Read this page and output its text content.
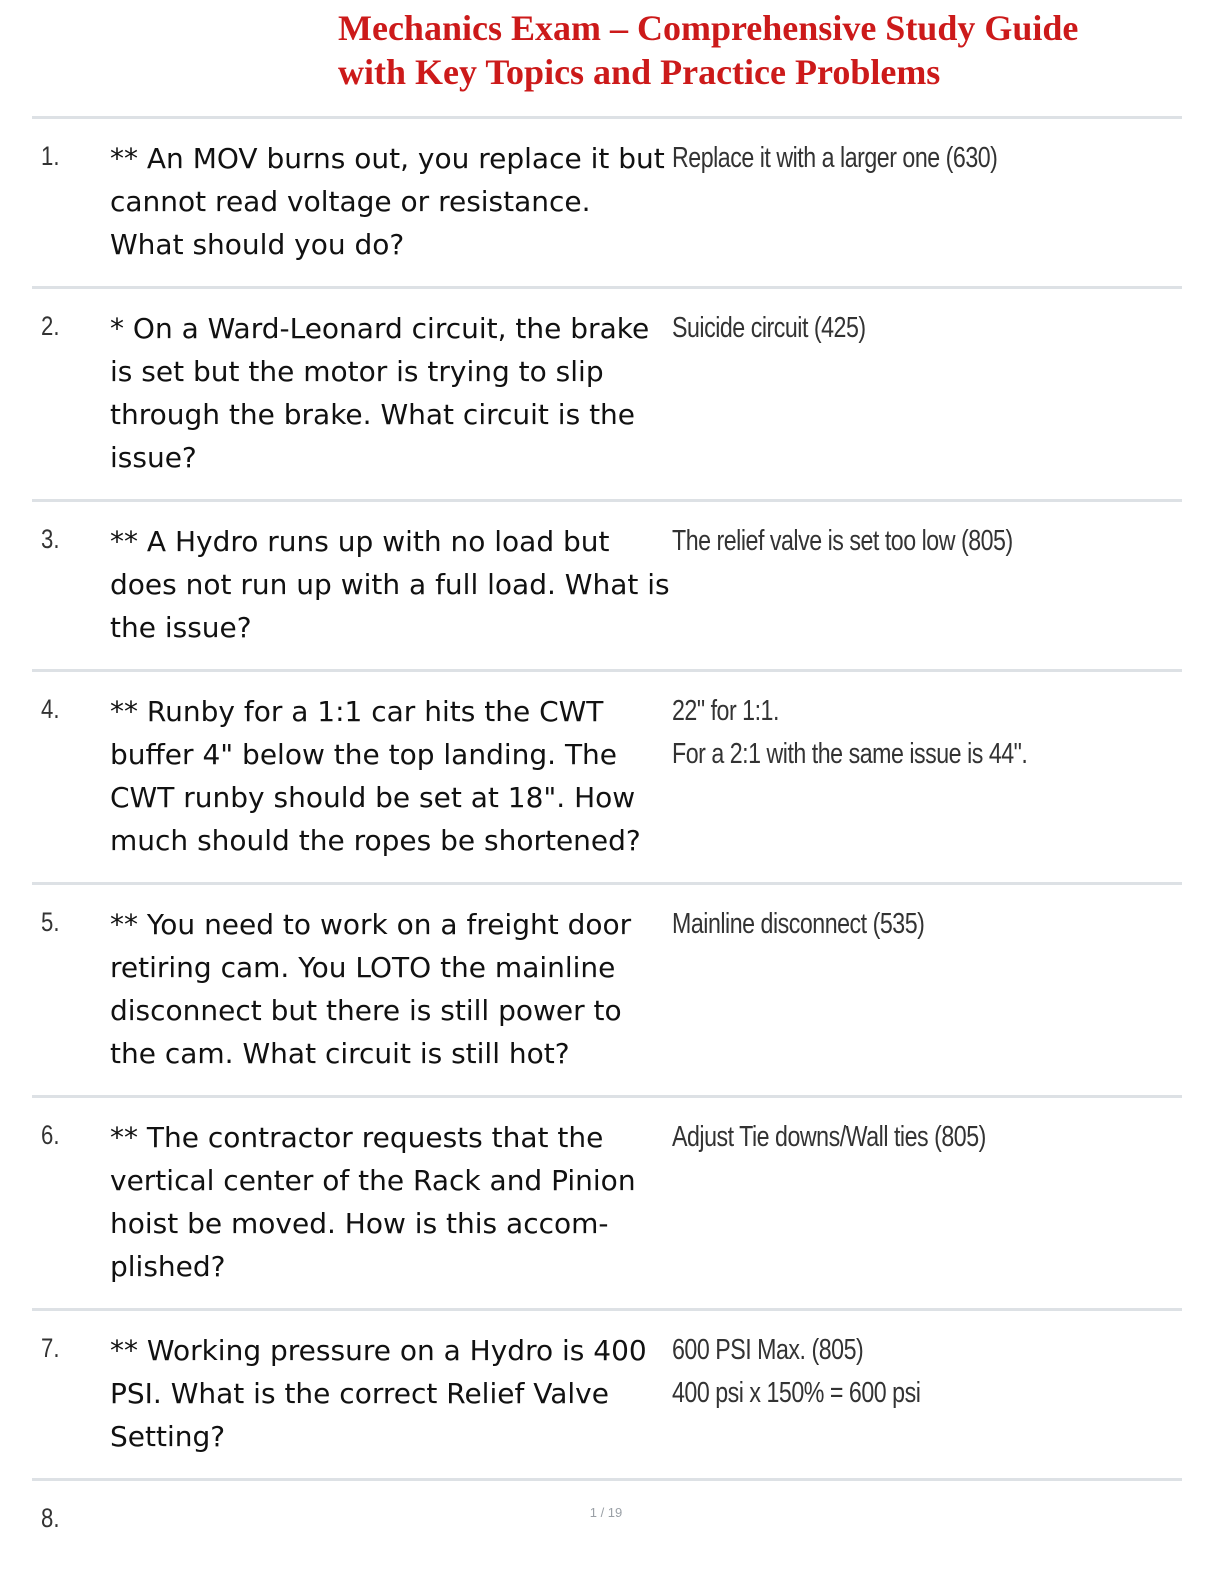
Mechanics Exam – Comprehensive Study Guide
with Key Topics and Practice Problems
1. ** An MOV burns out, you replace it but cannot read voltage or resistance. What should you do?
Replace it with a larger one (630)
2. * On a Ward-Leonard circuit, the brake is set but the motor is trying to slip through the brake. What circuit is the issue?
Suicide circuit (425)
3. ** A Hydro runs up with no load but does not run up with a full load. What is the issue?
The relief valve is set too low (805)
4. ** Runby for a 1:1 car hits the CWT buffer 4" below the top landing. The CWT runby should be set at 18". How much should the ropes be shortened?
22" for 1:1.
For a 2:1 with the same issue is 44".
5. ** You need to work on a freight door retiring cam. You LOTO the mainline disconnect but there is still power to the cam. What circuit is still hot?
Mainline disconnect (535)
6. ** The contractor requests that the vertical center of the Rack and Pinion hoist be moved. How is this accom-plished?
Adjust Tie downs/Wall ties (805)
7. ** Working pressure on a Hydro is 400 PSI. What is the correct Relief Valve Setting?
600 PSI Max. (805)
400 psi x 150% = 600 psi
8.	1 / 19
